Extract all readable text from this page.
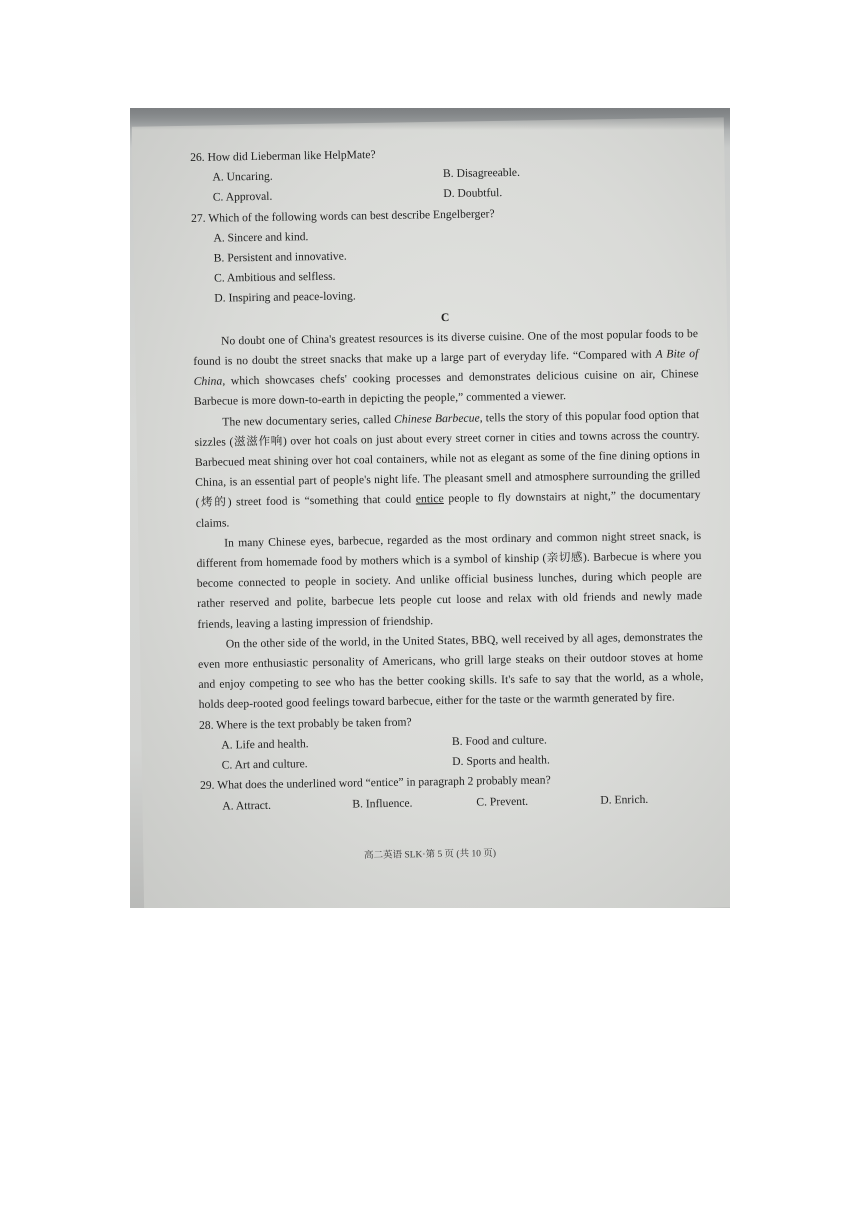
26. How did Lieberman like HelpMate?

A. Uncaring.	B. Disagreeable.
C. Approval.	D. Doubtful.

27. Which of the following words can best describe Engelberger?

A. Sincere and kind.

B. Persistent and innovative.

C. Ambitious and selfless.

D. Inspiring and peace-loving.

C

No doubt one of China's greatest resources is its diverse cuisine. One of the most popular foods to be found is no doubt the street snacks that make up a large part of everyday life. “Compared with A Bite of China, which showcases chefs' cooking processes and demonstrates delicious cuisine on air, Chinese Barbecue is more down-to-earth in depicting the people,” commented a viewer.

The new documentary series, called Chinese Barbecue, tells the story of this popular food option that sizzles (滋滋作响) over hot coals on just about every street corner in cities and towns across the country. Barbecued meat shining over hot coal containers, while not as elegant as some of the fine dining options in China, is an essential part of people's night life. The pleasant smell and atmosphere surrounding the grilled (烤的) street food is “something that could entice people to fly downstairs at night,” the documentary claims.

In many Chinese eyes, barbecue, regarded as the most ordinary and common night street snack, is different from homemade food by mothers which is a symbol of kinship (亲切感). Barbecue is where you become connected to people in society. And unlike official business lunches, during which people are rather reserved and polite, barbecue lets people cut loose and relax with old friends and newly made friends, leaving a lasting impression of friendship.

On the other side of the world, in the United States, BBQ, well received by all ages, demonstrates the even more enthusiastic personality of Americans, who grill large steaks on their outdoor stoves at home and enjoy competing to see who has the better cooking skills. It's safe to say that the world, as a whole, holds deep-rooted good feelings toward barbecue, either for the taste or the warmth generated by fire.

28. Where is the text probably be taken from?

A. Life and health.	B. Food and culture.
C. Art and culture.	D. Sports and health.

29. What does the underlined word “entice” in paragraph 2 probably mean?

A. Attract.	B. Influence.	C. Prevent.	D. Enrich.
高二英语 SLK·第 5 页 (共 10 页)
